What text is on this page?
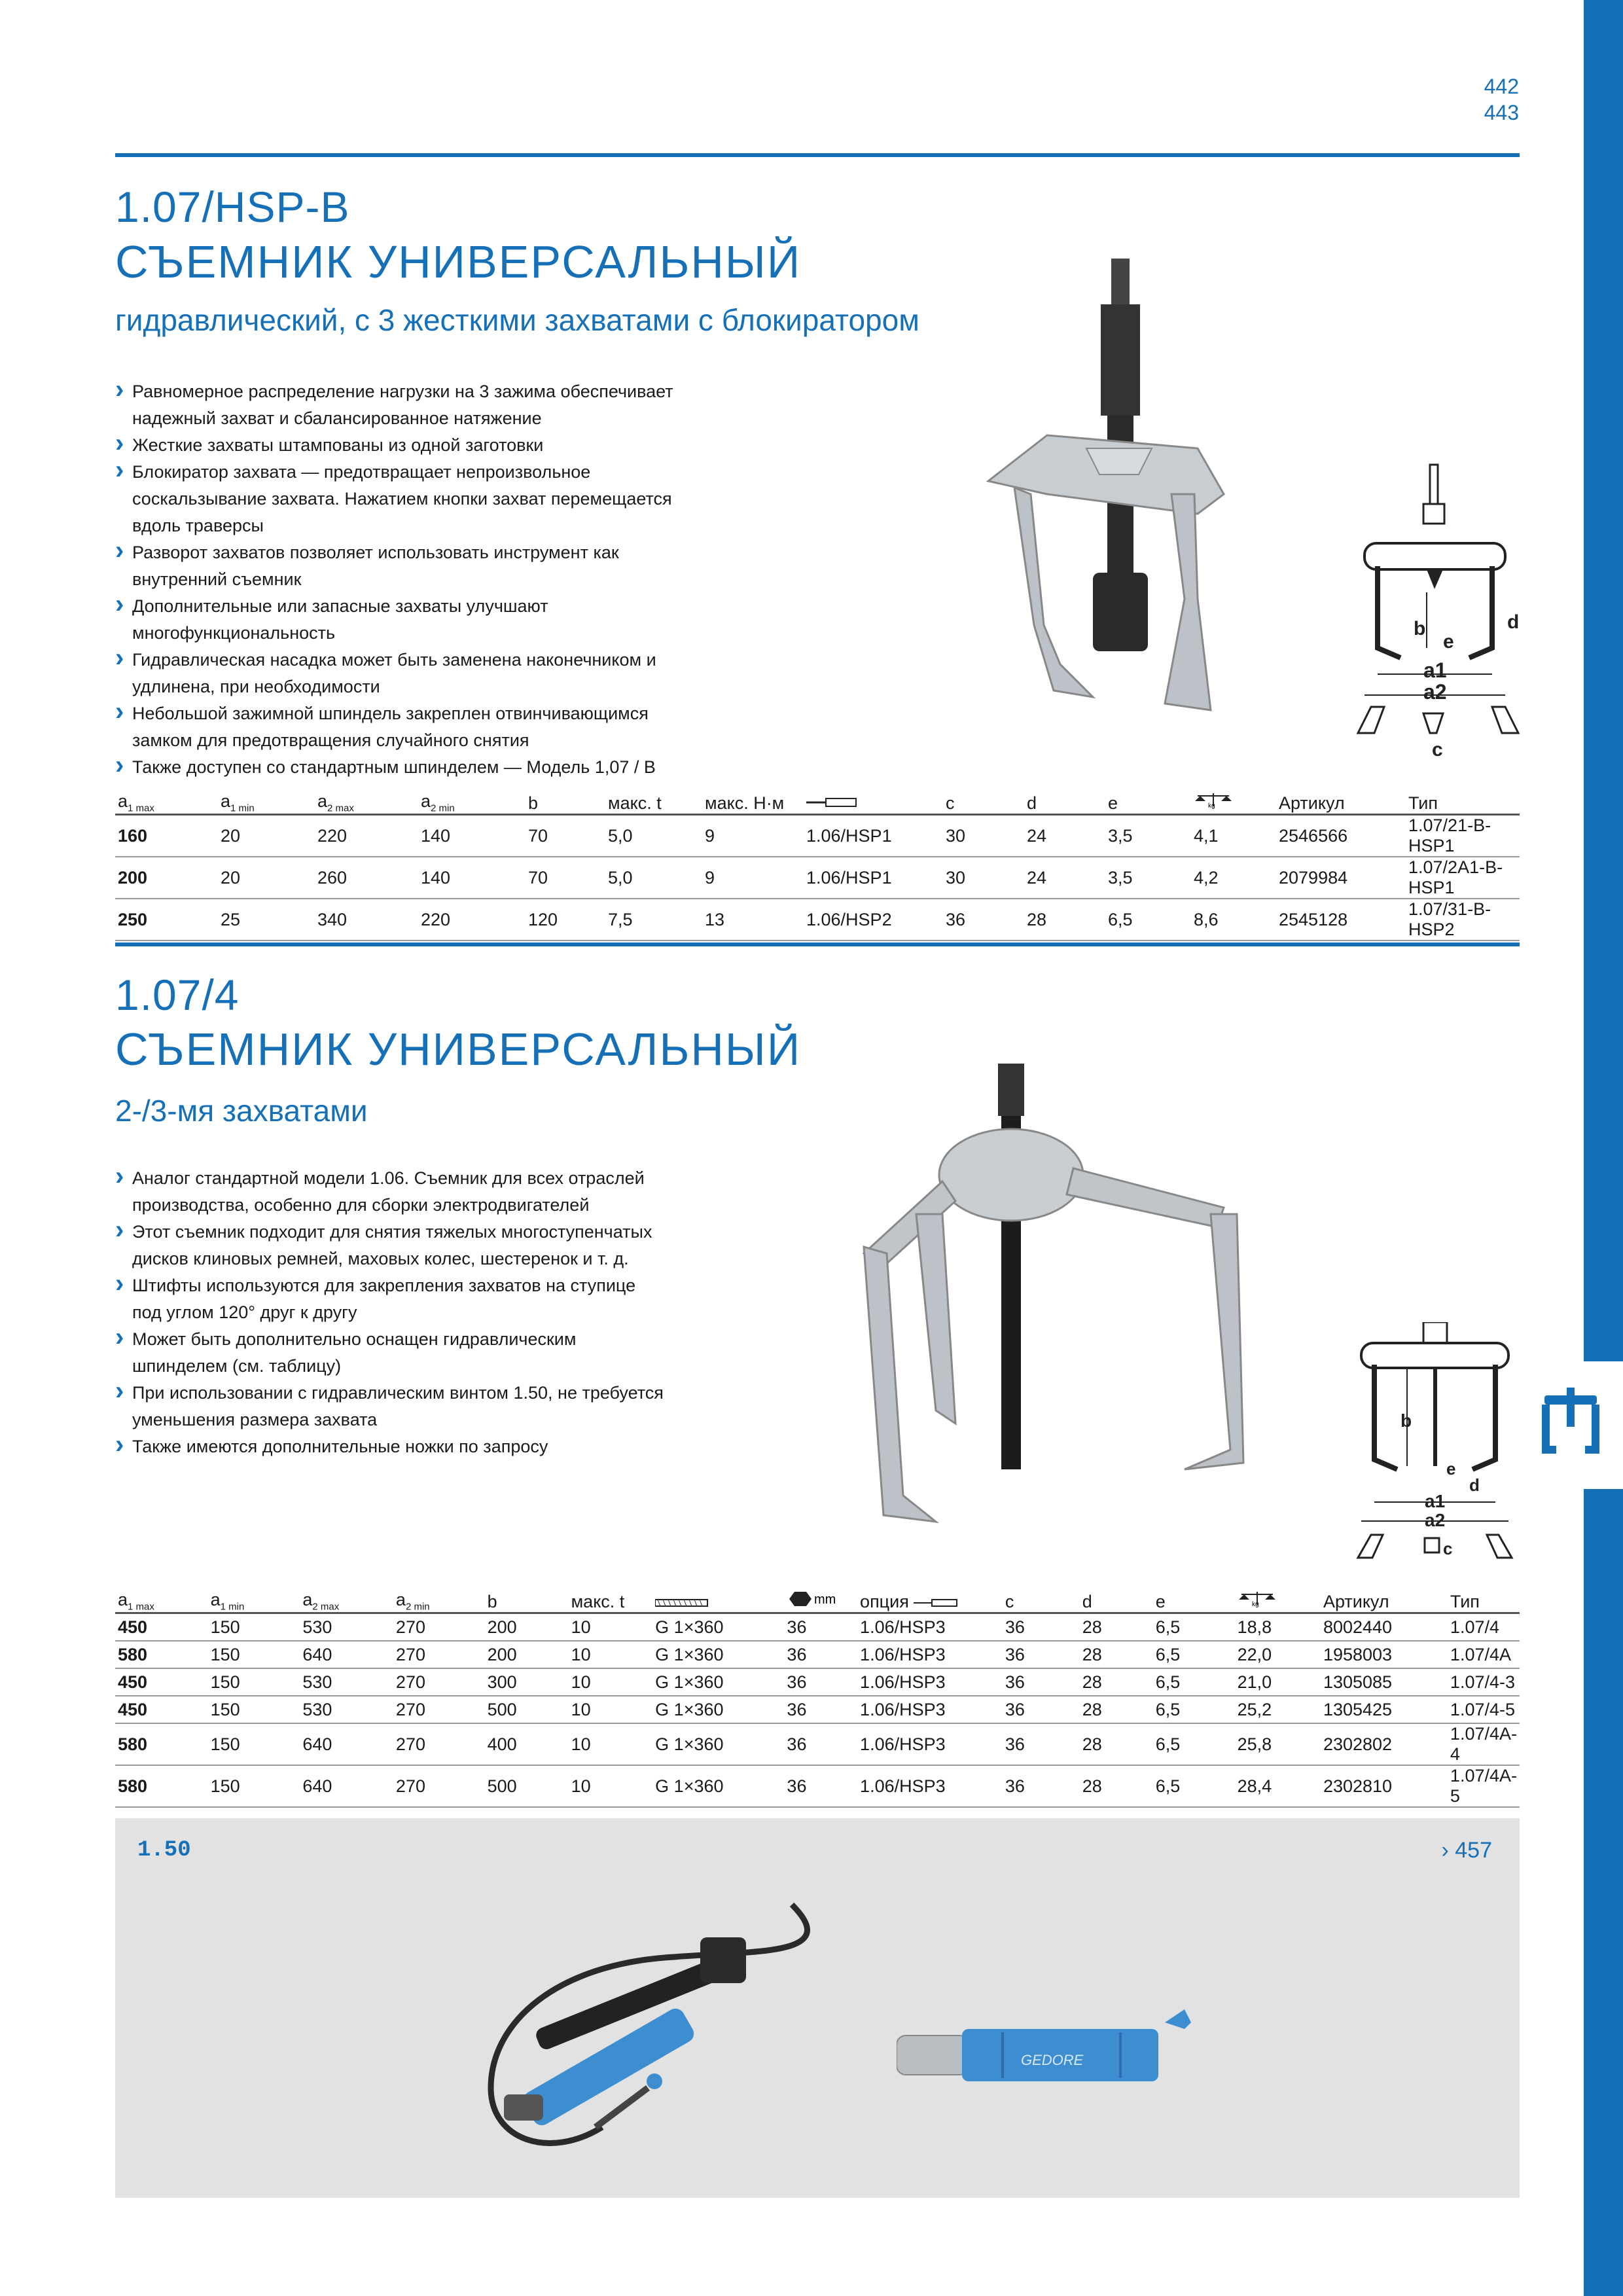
442
443
1.07/HSP-B
СЪЕМНИК УНИВЕРСАЛЬНЫЙ
гидравлический, с 3 жесткими захватами с блокиратором
› Равномерное распределение нагрузки на 3 зажима обеспечивает надежный захват и сбалансированное натяжение
› Жесткие захваты штампованы из одной заготовки
› Блокиратор захвата — предотвращает непроизвольное соскальзывание захвата. Нажатием кнопки захват перемещается вдоль траверсы
› Разворот захватов позволяет использовать инструмент как внутренний съемник
› Дополнительные или запасные захваты улучшают многофункциональность
› Гидравлическая насадка может быть заменена наконечником и удлинена, при необходимости
› Небольшой зажимной шпиндель закреплен отвинчивающимся замком для предотвращения случайного снятия
› Также доступен со стандартным шпинделем — Модель 1,07 / B
b
e
d
a1
a2
c
$a_{1 max}$	$a_{1 min}$	$a_{2 max}$	$a_{2 min}$	b	макс. t	макс. Н·м		c	d	e	kg	Артикул	Тип
160	20	220	140	70	5,0	9	1.06/HSP1	30	24	3,5	4,1	2546566	1.07/21-B-HSP1
200	20	260	140	70	5,0	9	1.06/HSP1	30	24	3,5	4,2	2079984	1.07/2A1-B-HSP1
250	25	340	220	120	7,5	13	1.06/HSP2	36	28	6,5	8,6	2545128	1.07/31-B-HSP2
1.07/4
СЪЕМНИК УНИВЕРСАЛЬНЫЙ
2-/3-мя захватами
› Аналог стандартной модели 1.06. Съемник для всех отраслей производства, особенно для сборки электродвигателей
› Этот съемник подходит для снятия тяжелых многоступенчатых дисков клиновых ремней, маховых колес, шестеренок и т. д.
› Штифты используются для закрепления захватов на ступице под углом 120° друг к другу
› Может быть дополнительно оснащен гидравлическим шпинделем (см. таблицу)
› При использовании с гидравлическим винтом 1.50, не требуется уменьшения размера захвата
› Также имеются дополнительные ножки по запросу
b
e
d
a1
a2
c
$a_{1 max}$	$a_{1 min}$	$a_{2 max}$	$a_{2 min}$	b	макс. t		mm	опция	c	d	e	kg	Артикул	Тип
450	150	530	270	200	10	G 1×360	36	1.06/HSP3	36	28	6,5	18,8	8002440	1.07/4
580	150	640	270	200	10	G 1×360	36	1.06/HSP3	36	28	6,5	22,0	1958003	1.07/4A
450	150	530	270	300	10	G 1×360	36	1.06/HSP3	36	28	6,5	21,0	1305085	1.07/4-3
450	150	530	270	500	10	G 1×360	36	1.06/HSP3	36	28	6,5	25,2	1305425	1.07/4-5
580	150	640	270	400	10	G 1×360	36	1.06/HSP3	36	28	6,5	25,8	2302802	1.07/4A-4
580	150	640	270	500	10	G 1×360	36	1.06/HSP3	36	28	6,5	28,4	2302810	1.07/4A-5
1.50	› 457
GEDORE
